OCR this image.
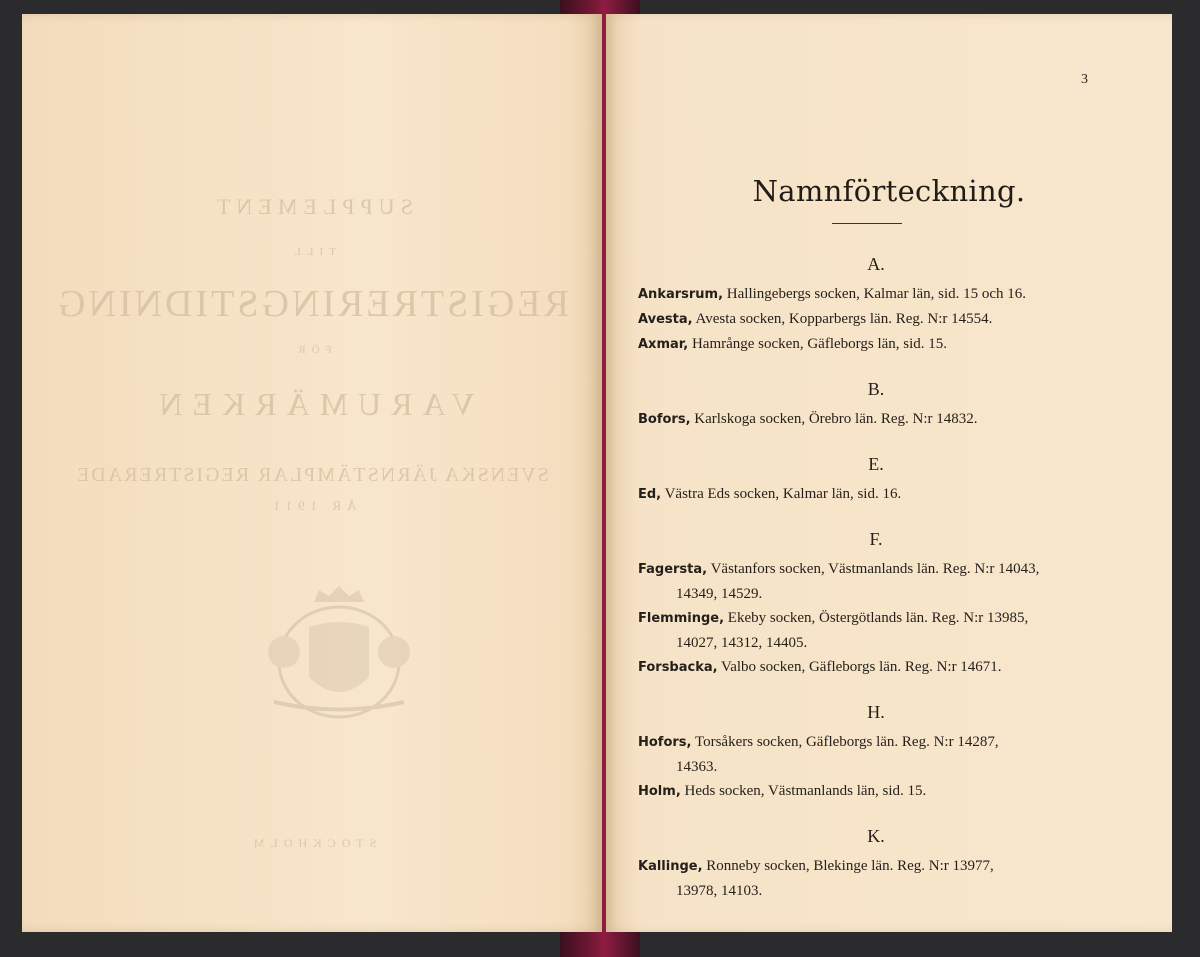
SUPPLEMENT
TILL
REGISTRERINGSTIDNING
FÖR
VARUMÄRKEN
SVENSKA JÄRNSTÄMPLAR REGISTRERADE
ÅR 1911
STOCKHOLM

3
Namnförteckning.
A.

Ankarsrum, Hallingebergs socken, Kalmar län, sid. 15 och 16.

Avesta, Avesta socken, Kopparbergs län. Reg. N:r 14554.

Axmar, Hamrånge socken, Gäfleborgs län, sid. 15.

B.

Bofors, Karlskoga socken, Örebro län. Reg. N:r 14832.

E.

Ed, Västra Eds socken, Kalmar län, sid. 16.

F.

Fagersta, Västanfors socken, Västmanlands län. Reg. N:r 14043,
14349, 14529.

Flemminge, Ekeby socken, Östergötlands län. Reg. N:r 13985,
14027, 14312, 14405.

Forsbacka, Valbo socken, Gäfleborgs län. Reg. N:r 14671.

H.

Hofors, Torsåkers socken, Gäfleborgs län. Reg. N:r 14287,
14363.

Holm, Heds socken, Västmanlands län, sid. 15.

K.

Kallinge, Ronneby socken, Blekinge län. Reg. N:r 13977,
13978, 14103.
